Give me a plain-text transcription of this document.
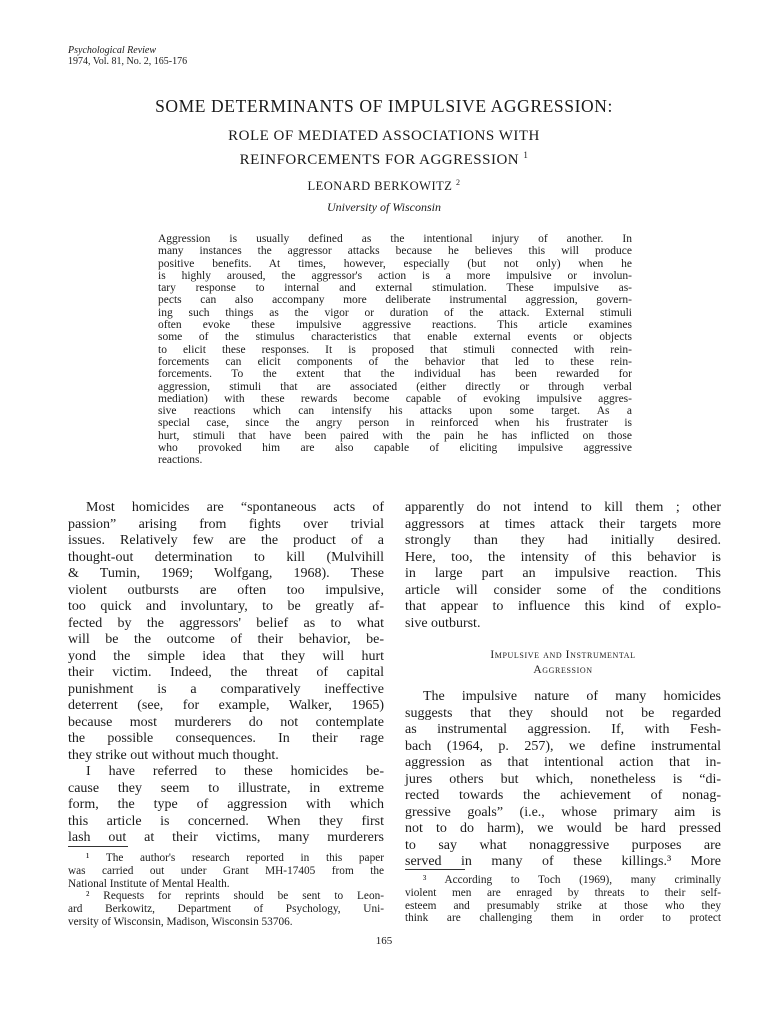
Psychological Review
1974, Vol. 81, No. 2, 165-176
SOME DETERMINANTS OF IMPULSIVE AGGRESSION:
ROLE OF MEDIATED ASSOCIATIONS WITH
REINFORCEMENTS FOR AGGRESSION $^1$
LEONARD BERKOWITZ $^2$
University of Wisconsin
Aggression is usually defined as the intentional injury of another. In
many instances the aggressor attacks because he believes this will produce
positive benefits. At times, however, especially (but not only) when he
is highly aroused, the aggressor's action is a more impulsive or involun-
tary response to internal and external stimulation. These impulsive as-
pects can also accompany more deliberate instrumental aggression, govern-
ing such things as the vigor or duration of the attack. External stimuli
often evoke these impulsive aggressive reactions. This article examines
some of the stimulus characteristics that enable external events or objects
to elicit these responses. It is proposed that stimuli connected with rein-
forcements can elicit components of the behavior that led to these rein-
forcements. To the extent that the individual has been rewarded for
aggression, stimuli that are associated (either directly or through verbal
mediation) with these rewards become capable of evoking impulsive aggres-
sive reactions which can intensify his attacks upon some target. As a
special case, since the angry person in reinforced when his frustrater is
hurt, stimuli that have been paired with the pain he has inflicted on those
who provoked him are also capable of eliciting impulsive aggressive
reactions.
Most homicides are “spontaneous acts of
passion” arising from fights over trivial
issues. Relatively few are the product of a
thought-out determination to kill (Mulvihill
& Tumin, 1969; Wolfgang, 1968). These
violent outbursts are often too impulsive,
too quick and involuntary, to be greatly af-
fected by the aggressors' belief as to what
will be the outcome of their behavior, be-
yond the simple idea that they will hurt
their victim. Indeed, the threat of capital
punishment is a comparatively ineffective
deterrent (see, for example, Walker, 1965)
because most murderers do not contemplate
the possible consequences. In their rage
they strike out without much thought.
I have referred to these homicides be-
cause they seem to illustrate, in extreme
form, the type of aggression with which
this article is concerned. When they first
lash out at their victims, many murderers
apparently do not intend to kill them ; other
aggressors at times attack their targets more
strongly than they had initially desired.
Here, too, the intensity of this behavior is
in large part an impulsive reaction. This
article will consider some of the conditions
that appear to influence this kind of explo-
sive outburst.
Impulsive and Instrumental
Aggression
The impulsive nature of many homicides
suggests that they should not be regarded
as instrumental aggression. If, with Fesh-
bach (1964, p. 257), we define instrumental
aggression as that intentional action that in-
jures others but which, nonetheless is “di-
rected towards the achievement of nonag-
gressive goals” (i.e., whose primary aim is
not to do harm), we would be hard pressed
to say what nonaggressive purposes are
served in many of these killings.³ More
¹ The author's research reported in this paper
was carried out under Grant MH-17405 from the
National Institute of Mental Health.
² Requests for reprints should be sent to Leon-
ard Berkowitz, Department of Psychology, Uni-
versity of Wisconsin, Madison, Wisconsin 53706.
³ According to Toch (1969), many criminally
violent men are enraged by threats to their self-
esteem and presumably strike at those who they
think are challenging them in order to protect
165
